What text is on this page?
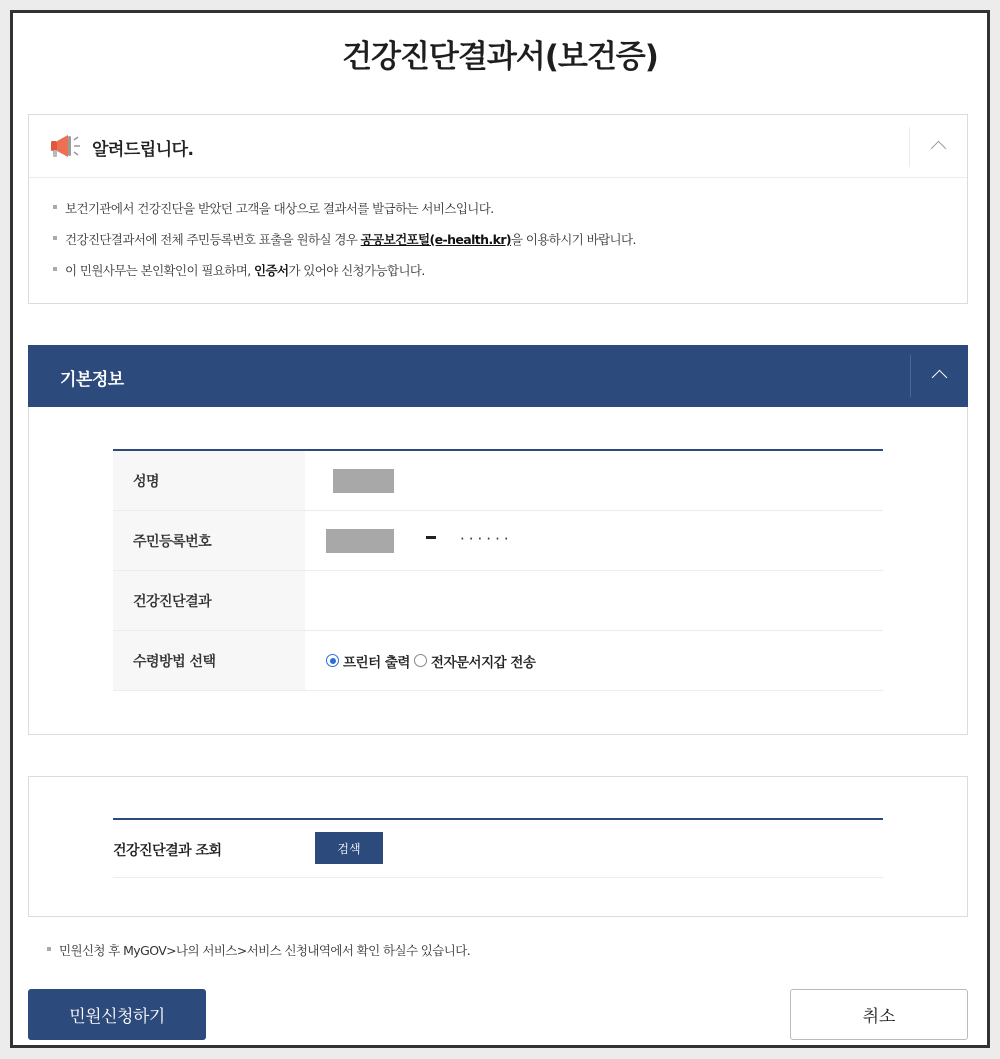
건강진단결과서(보건증)
알려드립니다.
보건기관에서 건강진단을 받았던 고객을 대상으로 결과서를 발급하는 서비스입니다.
건강진단결과서에 전체 주민등록번호 표출을 원하실 경우 공공보건포털(e-health.kr)을 이용하시기 바랍니다.
이 민원사무는 본인확인이 필요하며, 인증서가 있어야 신청가능합니다.
기본정보
성명
주민등록번호	······
건강진단결과
수령방법 선택	프린터 출력 전자문서지갑 전송
건강진단결과 조회	검색

민원신청 후 MyGOV>나의 서비스>서비스 신청내역에서 확인 하실수 있습니다.

민원신청하기	취소
